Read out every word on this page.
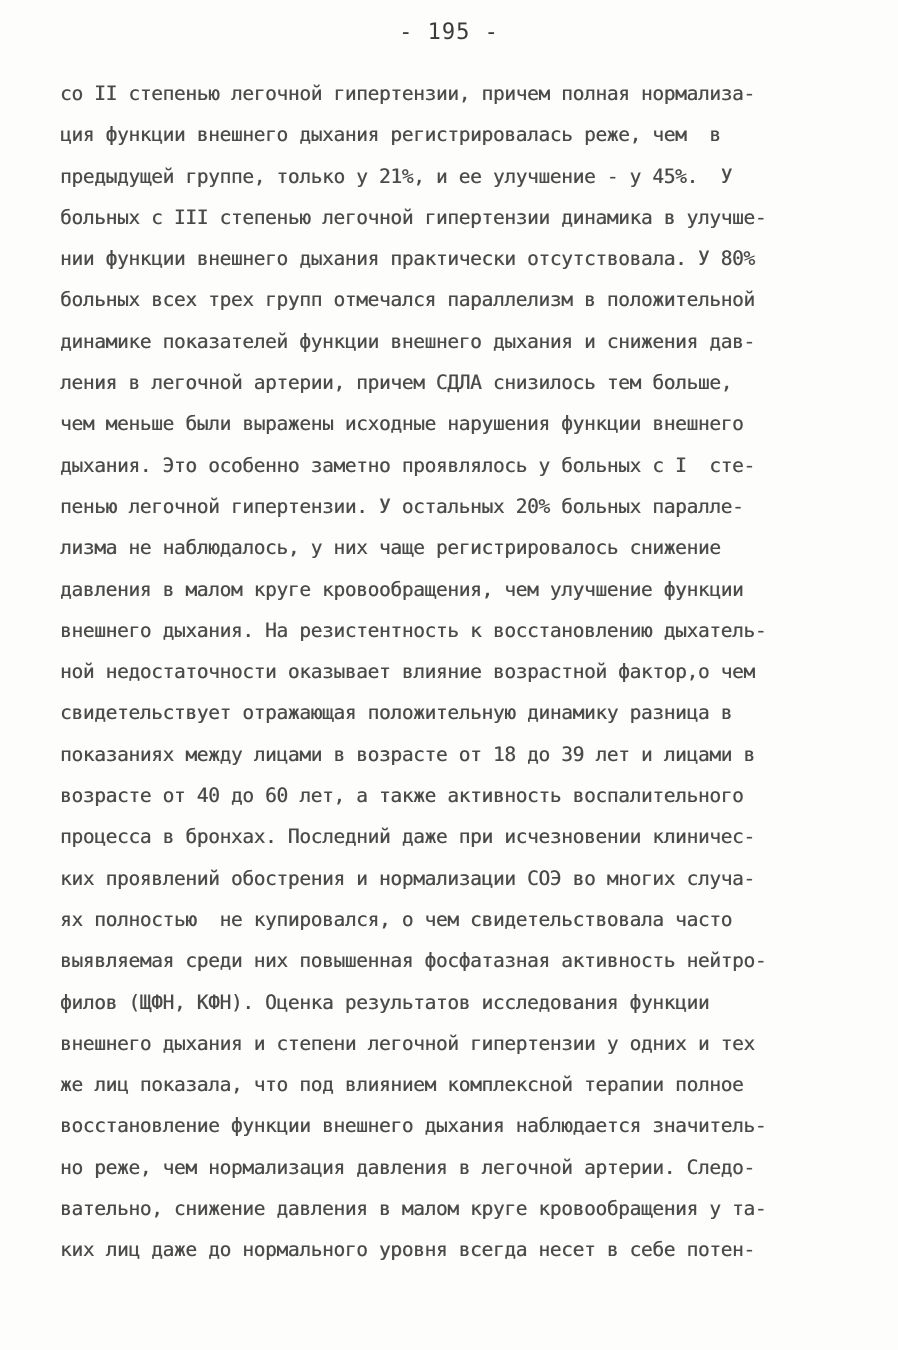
- 195 -
со II степенью легочной гипертензии, причем полная нормализа-
ция функции внешнего дыхания регистрировалась реже, чем  в
предыдущей группе, только у 21%, и ее улучшение - у 45%.  У
больных с III степенью легочной гипертензии динамика в улучше-
нии функции внешнего дыхания практически отсутствовала. У 80%
больных всех трех групп отмечался параллелизм в положительной
динамике показателей функции внешнего дыхания и снижения дав-
ления в легочной артерии, причем СДЛА снизилось тем больше,
чем меньше были выражены исходные нарушения функции внешнего
дыхания. Это особенно заметно проявлялось у больных с I  сте-
пенью легочной гипертензии. У остальных 20% больных паралле-
лизма не наблюдалось, у них чаще регистрировалось снижение
давления в малом круге кровообращения, чем улучшение функции
внешнего дыхания. На резистентность к восстановлению дыхатель-
ной недостаточности оказывает влияние возрастной фактор,о чем
свидетельствует отражающая положительную динамику разница в
показаниях между лицами в возрасте от 18 до 39 лет и лицами в
возрасте от 40 до 60 лет, а также активность воспалительного
процесса в бронхах. Последний даже при исчезновении клиничес-
ких проявлений обострения и нормализации СОЭ во многих случа-
ях полностью  не купировался, о чем свидетельствовала часто
выявляемая среди них повышенная фосфатазная активность нейтро-
филов (ЩФН, КФН). Оценка результатов исследования функции
внешнего дыхания и степени легочной гипертензии у одних и тех
же лиц показала, что под влиянием комплексной терапии полное
восстановление функции внешнего дыхания наблюдается значитель-
но реже, чем нормализация давления в легочной артерии. Следо-
вательно, снижение давления в малом круге кровообращения у та-
ких лиц даже до нормального уровня всегда несет в себе потен-
